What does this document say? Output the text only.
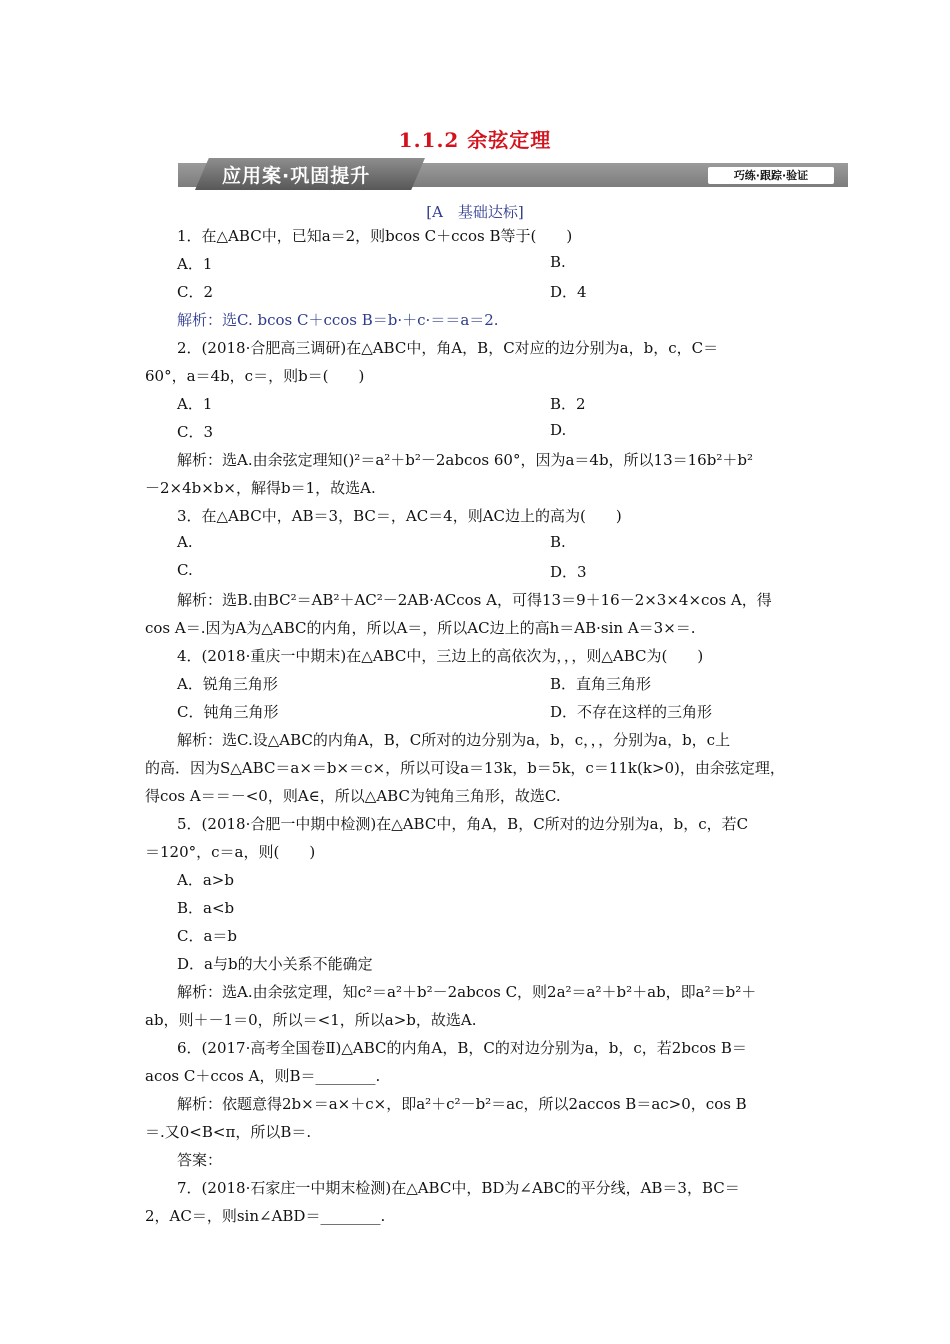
1.1.2 余弦定理
应用案·巩固提升	巧练·跟踪·验证
[A　基础达标]
1．在△ABC中，已知a＝2，则bcos C＋ccos B等于(　　)
A．1	B.
C．2	D．4
解析：选C. bcos C＋ccos B＝b·＋c·＝＝a＝2.
2．(2018·合肥高三调研)在△ABC中，角A，B，C对应的边分别为a，b，c，C＝
60°，a＝4b，c＝，则b＝(　　)
A．1	B．2
C．3	D.
解析：选A.由余弦定理知()²＝a²＋b²－2abcos 60°，因为a＝4b，所以13＝16b²＋b²
－2×4b×b×，解得b＝1，故选A.
3．在△ABC中，AB＝3，BC＝，AC＝4，则AC边上的高为(　　)
A.	B.
C.	D．3
解析：选B.由BC²＝AB²＋AC²－2AB·ACcos A，可得13＝9＋16－2×3×4×cos A，得
cos A＝.因为A为△ABC的内角，所以A＝，所以AC边上的高h＝AB·sin A＝3×＝.
4．(2018·重庆一中期末)在△ABC中，三边上的高依次为，，，则△ABC为(　　)
A．锐角三角形	B．直角三角形
C．钝角三角形	D．不存在这样的三角形
解析：选C.设△ABC的内角A，B，C所对的边分别为a，b，c，，，分别为a，b，c上
的高．因为S△ABC＝a×＝b×＝c×，所以可设a＝13k，b＝5k，c＝11k(k>0)，由余弦定理，
得cos A＝＝－<0，则A∈，所以△ABC为钝角三角形，故选C.
5．(2018·合肥一中期中检测)在△ABC中，角A，B，C所对的边分别为a，b，c，若C
＝120°，c＝a，则(　　)
A．a>b
B．a<b
C．a＝b
D．a与b的大小关系不能确定
解析：选A.由余弦定理，知c²＝a²＋b²－2abcos C，则2a²＝a²＋b²＋ab，即a²＝b²＋
ab，则＋－1＝0，所以＝<1，所以a>b，故选A.
6．(2017·高考全国卷Ⅱ)△ABC的内角A，B，C的对边分别为a，b，c，若2bcos B＝
acos C＋ccos A，则B＝________.
解析：依题意得2b×＝a×＋c×，即a²＋c²－b²＝ac，所以2accos B＝ac>0，cos B
＝.又0<B<π，所以B＝.
答案：
7．(2018·石家庄一中期末检测)在△ABC中，BD为∠ABC的平分线，AB＝3，BC＝
2，AC＝，则sin∠ABD＝________.
